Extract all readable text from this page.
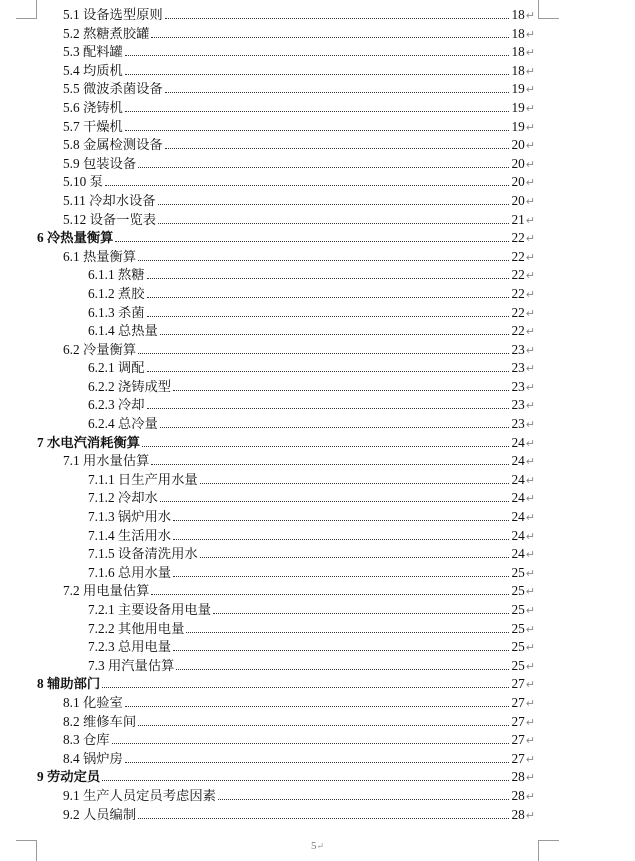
5.1 设备选型原则	18 ↵
5.2 熬糖煮胶罐	18 ↵
5.3 配料罐	18 ↵
5.4 均质机	18 ↵
5.5 微波杀菌设备	19 ↵
5.6 浇铸机	19 ↵
5.7 干燥机	19 ↵
5.8 金属检测设备	20 ↵
5.9 包装设备	20 ↵
5.10 泵	20 ↵
5.11 冷却水设备	20 ↵
5.12 设备一览表	21 ↵
6 冷热量衡算	22 ↵
6.1 热量衡算	22 ↵
6.1.1 熬糖	22 ↵
6.1.2 煮胶	22 ↵
6.1.3 杀菌	22 ↵
6.1.4 总热量	22 ↵
6.2 冷量衡算	23 ↵
6.2.1 调配	23 ↵
6.2.2 浇铸成型	23 ↵
6.2.3 冷却	23 ↵
6.2.4 总冷量	23 ↵
7 水电汽消耗衡算	24 ↵
7.1 用水量估算	24 ↵
7.1.1 日生产用水量	24 ↵
7.1.2 冷却水	24 ↵
7.1.3 锅炉用水	24 ↵
7.1.4 生活用水	24 ↵
7.1.5 设备清洗用水	24 ↵
7.1.6 总用水量	25 ↵
7.2 用电量估算	25 ↵
7.2.1 主要设备用电量	25 ↵
7.2.2 其他用电量	25 ↵
7.2.3 总用电量	25 ↵
7.3 用汽量估算	25 ↵
8 辅助部门	27 ↵
8.1 化验室	27 ↵
8.2 维修车间	27 ↵
8.3 仓库	27 ↵
8.4 锅炉房	27 ↵
9 劳动定员	28 ↵
9.1 生产人员定员考虑因素	28 ↵
9.2 人员编制	28 ↵
5↵
